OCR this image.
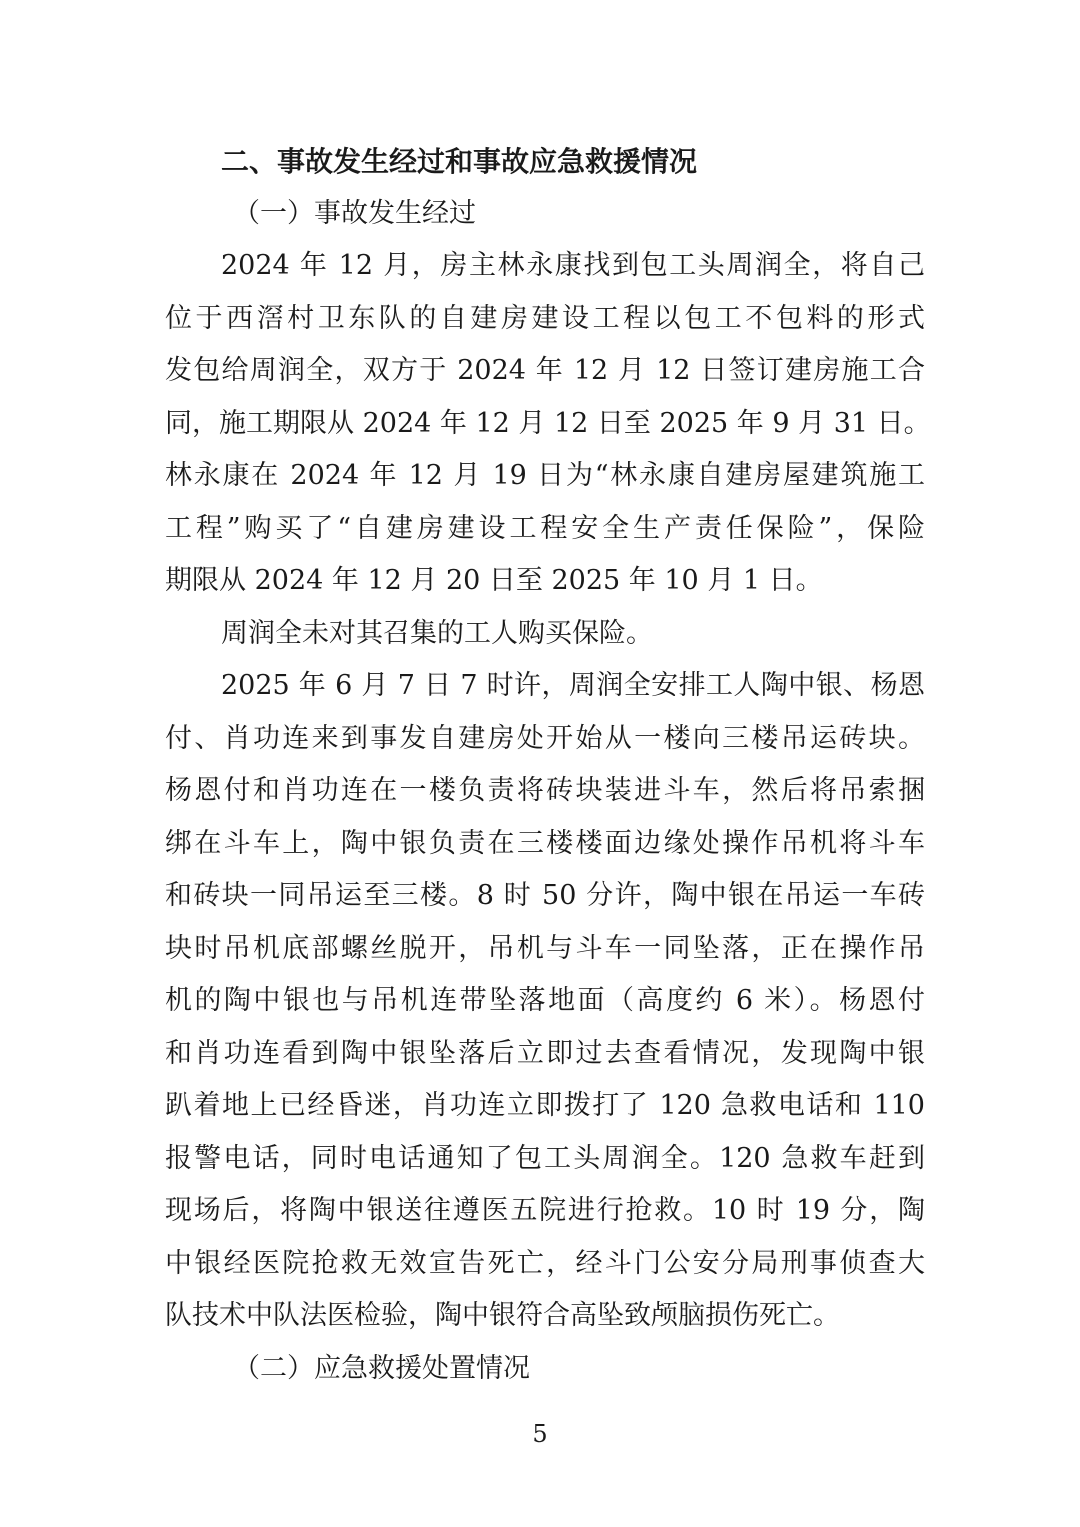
二、事故发生经过和事故应急救援情况
（一）事故发生经过
2024 年 12 月，房主林永康找到包工头周润全，将自己
位于西滘村卫东队的自建房建设工程以包工不包料的形式
发包给周润全，双方于 2024 年 12 月 12 日签订建房施工合
同，施工期限从 2024 年 12 月 12 日至 2025 年 9 月 31 日。
林永康在 2024 年 12 月 19 日为“林永康自建房屋建筑施工
工程”购买了“自建房建设工程安全生产责任保险”，保险
期限从 2024 年 12 月 20 日至 2025 年 10 月 1 日。
周润全未对其召集的工人购买保险。
2025 年 6 月 7 日 7 时许，周润全安排工人陶中银、杨恩
付、肖功连来到事发自建房处开始从一楼向三楼吊运砖块。
杨恩付和肖功连在一楼负责将砖块装进斗车，然后将吊索捆
绑在斗车上，陶中银负责在三楼楼面边缘处操作吊机将斗车
和砖块一同吊运至三楼。8 时 50 分许，陶中银在吊运一车砖
块时吊机底部螺丝脱开，吊机与斗车一同坠落，正在操作吊
机的陶中银也与吊机连带坠落地面（高度约 6 米）。杨恩付
和肖功连看到陶中银坠落后立即过去查看情况，发现陶中银
趴着地上已经昏迷，肖功连立即拨打了 120 急救电话和 110
报警电话，同时电话通知了包工头周润全。120 急救车赶到
现场后，将陶中银送往遵医五院进行抢救。10 时 19 分，陶
中银经医院抢救无效宣告死亡，经斗门公安分局刑事侦查大
队技术中队法医检验，陶中银符合高坠致颅脑损伤死亡。
（二）应急救援处置情况
5
